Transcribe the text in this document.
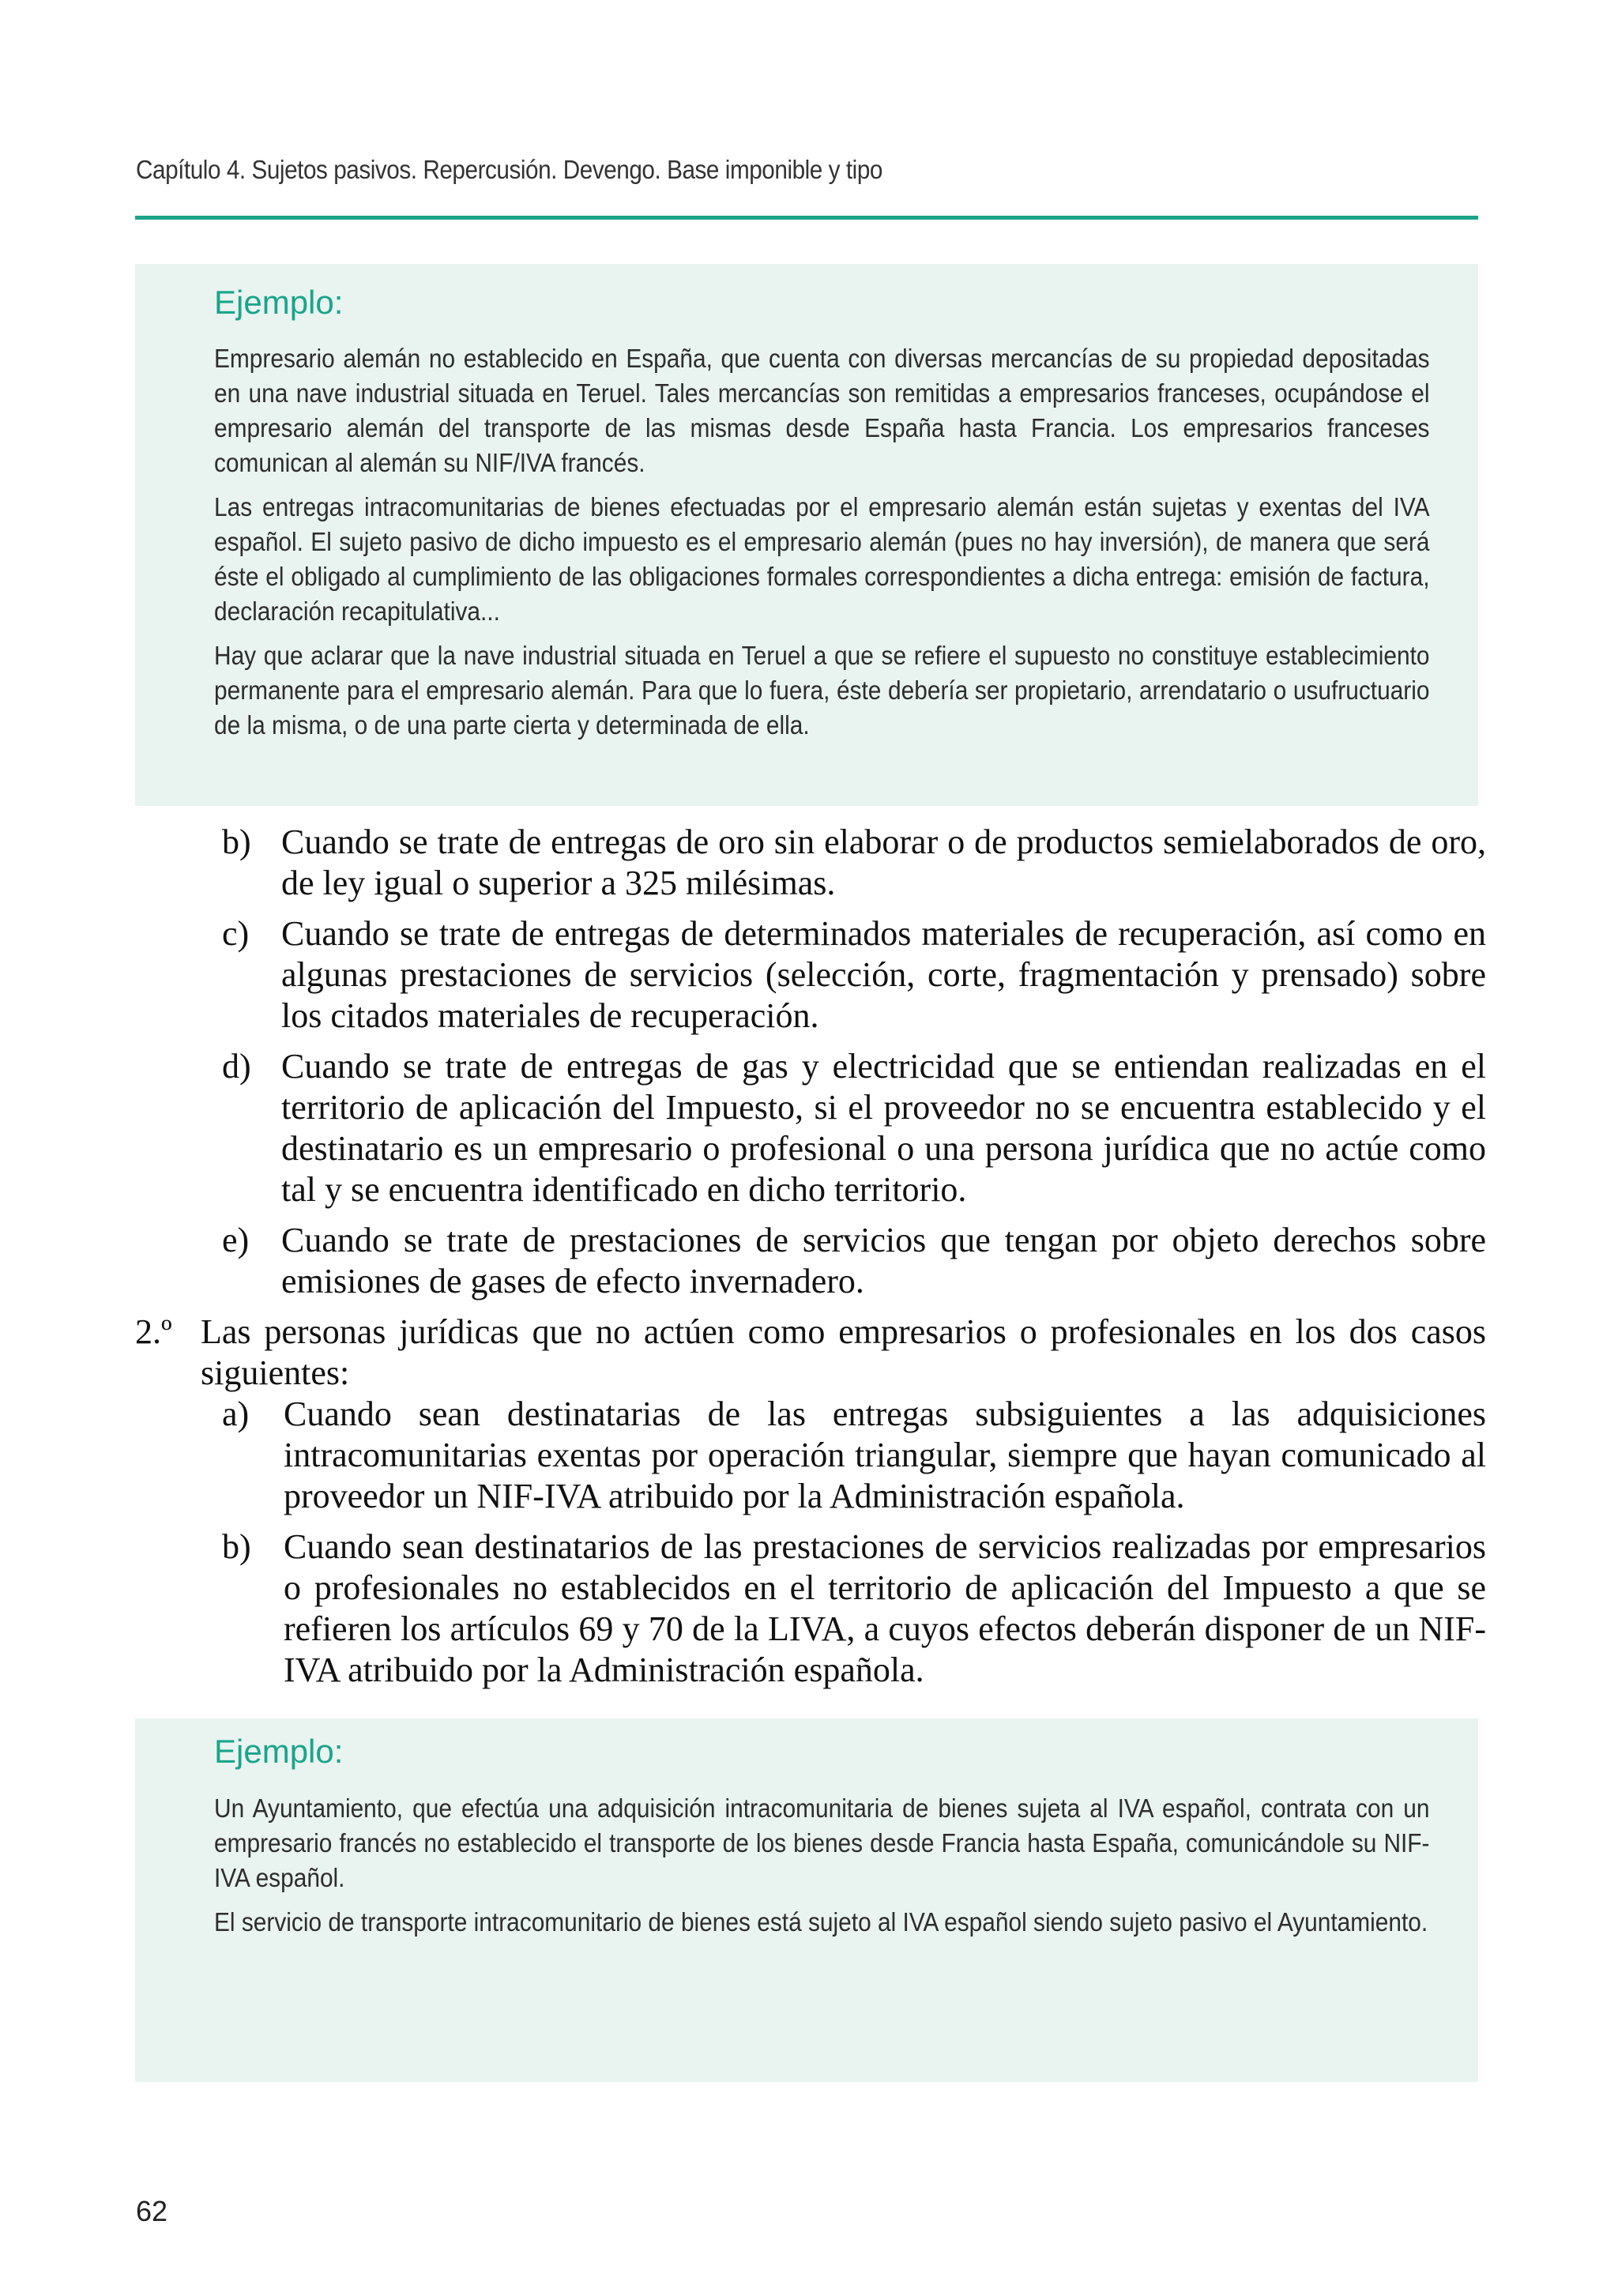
Capítulo 4. Sujetos pasivos. Repercusión. Devengo. Base imponible y tipo
Ejemplo:

Empresario alemán no establecido en España, que cuenta con diversas mercancías de su propiedad depositadas en una nave industrial situada en Teruel. Tales mercancías son remitidas a empresarios franceses, ocupándose el empresario alemán del transporte de las mismas desde España hasta Francia. Los empresarios franceses comunican al alemán su NIF/IVA francés.

Las entregas intracomunitarias de bienes efectuadas por el empresario alemán están sujetas y exentas del IVA español. El sujeto pasivo de dicho impuesto es el empresario alemán (pues no hay inversión), de manera que será éste el obligado al cumplimiento de las obligaciones formales correspondientes a dicha entrega: emisión de factura, declaración recapitulativa...

Hay que aclarar que la nave industrial situada en Teruel a que se refiere el supuesto no constituye establecimiento permanente para el empresario alemán. Para que lo fuera, éste debería ser propietario, arrendatario o usufructuario de la misma, o de una parte cierta y determinada de ella.

b) Cuando se trate de entregas de oro sin elaborar o de productos semielaborados de oro, de ley igual o superior a 325 milésimas.
c) Cuando se trate de entregas de determinados materiales de recuperación, así como en algunas prestaciones de servicios (selección, corte, fragmentación y prensado) sobre los citados materiales de recuperación.
d) Cuando se trate de entregas de gas y electricidad que se entiendan realizadas en el territorio de aplicación del Impuesto, si el proveedor no se encuentra establecido y el destinatario es un empresario o profesional o una persona jurídica que no actúe como tal y se encuentra identificado en dicho territorio.
e) Cuando se trate de prestaciones de servicios que tengan por objeto derechos sobre emisiones de gases de efecto invernadero.
2.º Las personas jurídicas que no actúen como empresarios o profesionales en los dos casos siguientes:
a) Cuando sean destinatarias de las entregas subsiguientes a las adquisiciones intracomunitarias exentas por operación triangular, siempre que hayan comunicado al proveedor un NIF-IVA atribuido por la Administración española.
b) Cuando sean destinatarios de las prestaciones de servicios realizadas por empresarios o profesionales no establecidos en el territorio de aplicación del Impuesto a que se refieren los artículos 69 y 70 de la LIVA, a cuyos efectos deberán disponer de un NIF-IVA atribuido por la Administración española.
Ejemplo:

Un Ayuntamiento, que efectúa una adquisición intracomunitaria de bienes sujeta al IVA español, contrata con un empresario francés no establecido el transporte de los bienes desde Francia hasta España, comunicándole su NIF-IVA español.

El servicio de transporte intracomunitario de bienes está sujeto al IVA español siendo sujeto pasivo el Ayuntamiento.

62
